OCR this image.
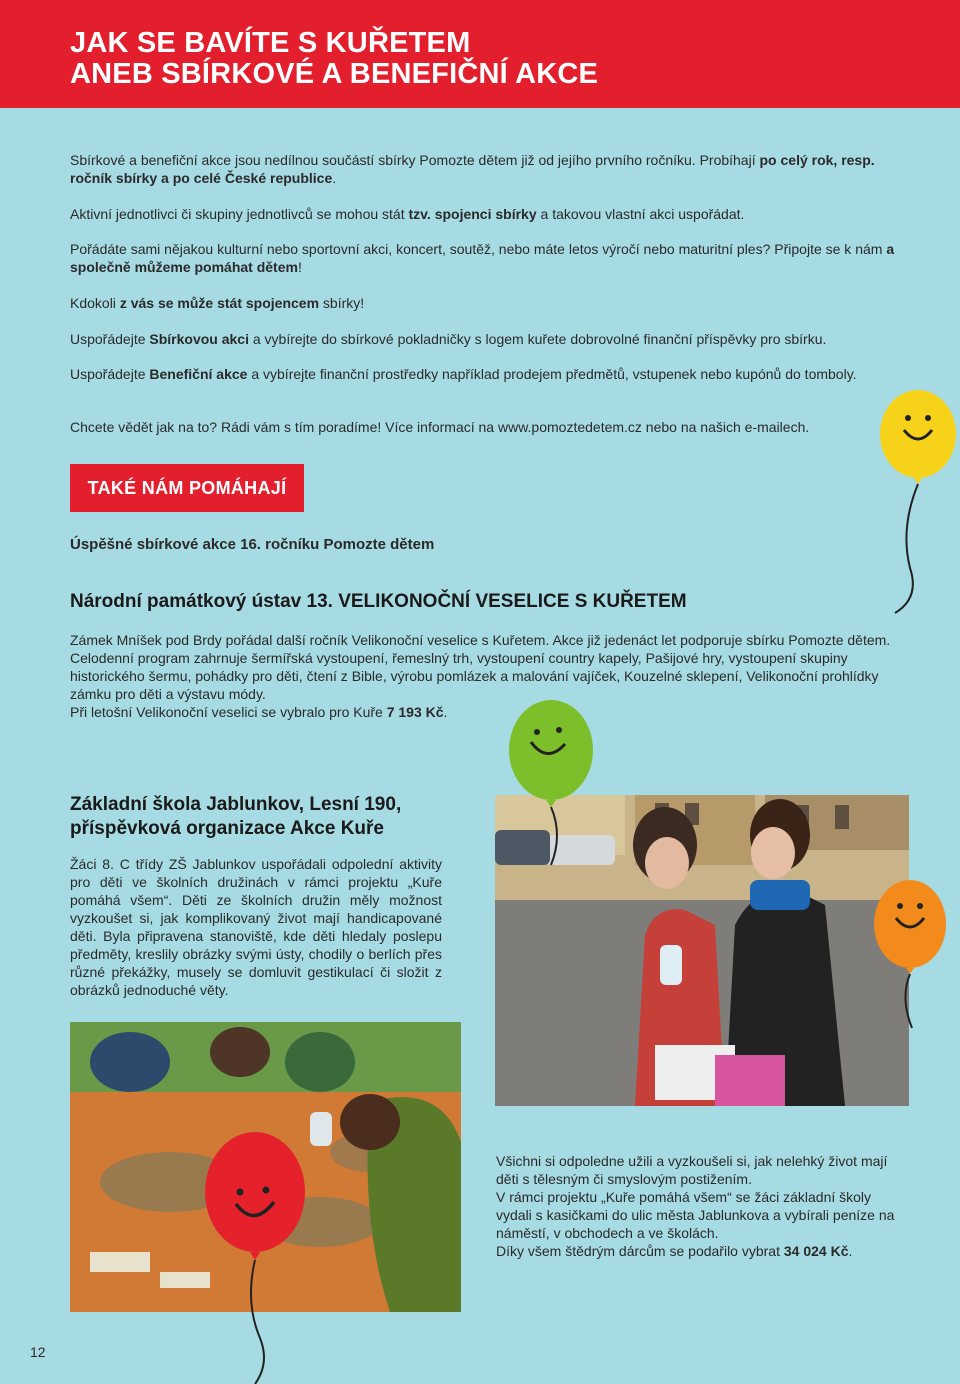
JAK SE BAVÍTE S KUŘETEM
ANEB SBÍRKOVÉ A BENEFIČNÍ AKCE
Sbírkové a benefiční akce jsou nedílnou součástí sbírky Pomozte dětem již od jejího prvního ročníku. Probíhají po celý rok, resp. ročník sbírky a po celé České republice.
Aktivní jednotlivci či skupiny jednotlivců se mohou stát tzv. spojenci sbírky a takovou vlastní akci uspořádat.
Pořádáte sami nějakou kulturní nebo sportovní akci, koncert, soutěž, nebo máte letos výročí nebo maturitní ples? Připojte se k nám a společně můžeme pomáhat dětem!
Kdokoli z vás se může stát spojencem sbírky!
Uspořádejte Sbírkovou akci a vybírejte do sbírkové pokladničky s logem kuřete dobrovolné finanční příspěvky pro sbírku.
Uspořádejte Benefiční akce a vybírejte finanční prostředky například prodejem předmětů, vstupenek nebo kupónů do tomboly.
Chcete vědět jak na to? Rádi vám s tím poradíme! Více informací na www.pomoztedetem.cz nebo na našich e-mailech.
TAKÉ NÁM POMÁHAJÍ
Úspěšné sbírkové akce 16. ročníku Pomozte dětem
Národní památkový ústav 13. VELIKONOČNÍ VESELICE S KUŘETEM
Zámek Mníšek pod Brdy pořádal další ročník Velikonoční veselice s Kuřetem. Akce již jedenáct let podporuje sbírku Pomozte dětem. Celodenní program zahrnuje šermířská vystoupení, řemeslný trh, vystoupení country kapely, Pašijové hry, vystoupení skupiny historického šermu, pohádky pro děti, čtení z Bible, výrobu pomlázek a malování vajíček, Kouzelné sklepení, Velikonoční prohlídky zámku pro děti a výstavu módy.
Při letošní Velikonoční veselici se vybralo pro Kuře 7 193 Kč.
Základní škola Jablunkov, Lesní 190,
příspěvková organizace Akce Kuře
Žáci 8. C třídy ZŠ Jablunkov uspořádali odpolední aktivity pro děti ve školních družinách v rámci projektu „Kuře pomáhá všem“. Děti ze školních družin měly možnost vyzkoušet si, jak komplikovaný život mají handicapované děti. Byla připravena stanoviště, kde děti hledaly poslepu předměty, kreslily obrázky svými ústy, chodily o berlích přes různé překážky, musely se domluvit gestikulací či složit z obrázků jednoduché věty.
Všichni si odpoledne užili a vyzkoušeli si, jak nelehký život mají děti s tělesným či smyslovým postižením.
V rámci projektu „Kuře pomáhá všem“ se žáci základní školy vydali s kasičkami do ulic města Jablunkova a vybírali peníze na náměstí, v obchodech a ve školách.
Díky všem štědrým dárcům se podařilo vybrat 34 024 Kč.
12
